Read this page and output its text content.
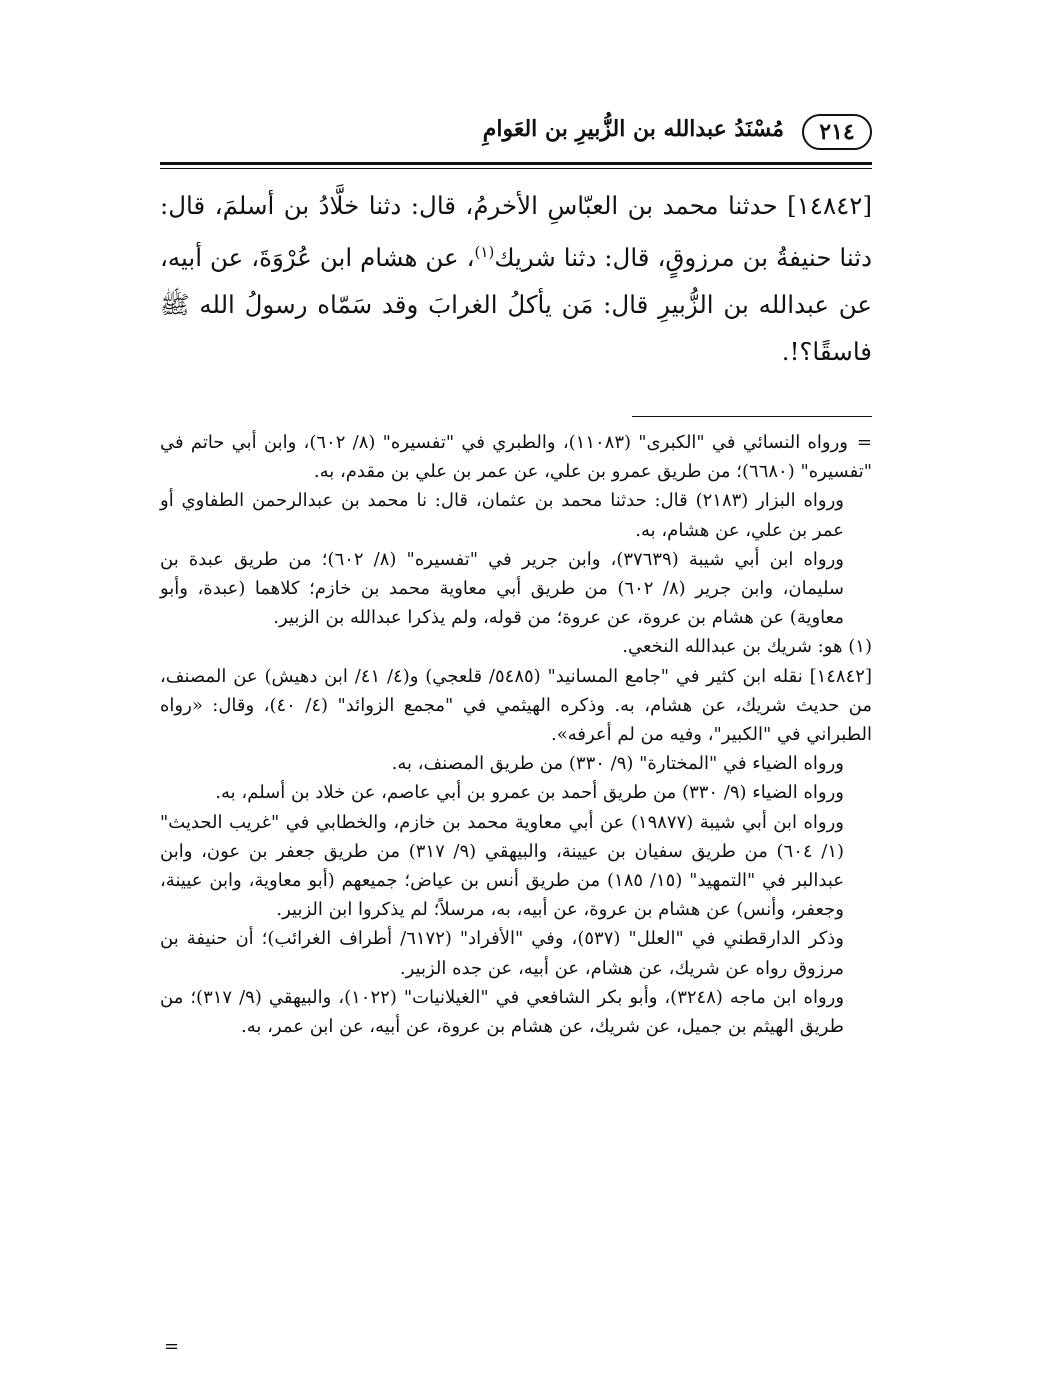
٢١٤
مُسْنَدُ عبدالله بن الزُّبيرِ بن العَوامِ

[١٤٨٤٢] حدثنا محمد بن العبّاسِ الأخرمُ، قال: دثنا خلَّادُ بن أسلمَ، قال: دثنا حنيفةُ بن مرزوقٍ، قال: دثنا شريك$^{(١)}$، عن هشام ابن عُرْوَةَ، عن أبيه، عن عبدالله بن الزُّبيرِ قال: مَن يأكلُ الغرابَ وقد سَمّاه رسولُ الله ﷺ فاسقًا؟!.

=ورواه النسائي في "الكبرى" (١١٠٨٣)، والطبري في "تفسيره" (٨/ ٦٠٢)، وابن أبي حاتم في "تفسيره" (٦٦٨٠)؛ من طريق عمرو بن علي، عن عمر بن علي بن مقدم، به.

ورواه البزار (٢١٨٣) قال: حدثنا محمد بن عثمان، قال: نا محمد بن عبدالرحمن الطفاوي أو عمر بن علي، عن هشام، به.

ورواه ابن أبي شيبة (٣٧٦٣٩)، وابن جرير في "تفسيره" (٨/ ٦٠٢)؛ من طريق عبدة بن سليمان، وابن جرير (٨/ ٦٠٢) من طريق أبي معاوية محمد بن خازم؛ كلاهما (عبدة، وأبو معاوية) عن هشام بن عروة، عن عروة؛ من قوله، ولم يذكرا عبدالله بن الزبير.

(١) هو: شريك بن عبدالله النخعي.

[١٤٨٤٢] نقله ابن كثير في "جامع المسانيد" (٥٤٨٥/ قلعجي) و(٤/ ٤١/ ابن دهيش) عن المصنف، من حديث شريك، عن هشام، به. وذكره الهيثمي في "مجمع الزوائد" (٤/ ٤٠)، وقال: «رواه الطبراني في "الكبير"، وفيه من لم أعرفه».

ورواه الضياء في "المختارة" (٩/ ٣٣٠) من طريق المصنف، به.

ورواه الضياء (٩/ ٣٣٠) من طريق أحمد بن عمرو بن أبي عاصم، عن خلاد بن أسلم، به.

ورواه ابن أبي شيبة (١٩٨٧٧) عن أبي معاوية محمد بن خازم، والخطابي في "غريب الحديث" (١/ ٦٠٤) من طريق سفيان بن عيينة، والبيهقي (٩/ ٣١٧) من طريق جعفر بن عون، وابن عبدالبر في "التمهيد" (١٥/ ١٨٥) من طريق أنس بن عياض؛ جميعهم (أبو معاوية، وابن عيينة، وجعفر، وأنس) عن هشام بن عروة، عن أبيه، به، مرسلاً؛ لم يذكروا ابن الزبير.

وذكر الدارقطني في "العلل" (٥٣٧)، وفي "الأفراد" (٦١٧٢/ أطراف الغرائب)؛ أن حنيفة بن مرزوق رواه عن شريك، عن هشام، عن أبيه، عن جده الزبير.

ورواه ابن ماجه (٣٢٤٨)، وأبو بكر الشافعي في "الغيلانيات" (١٠٢٢)، والبيهقي (٩/ ٣١٧)؛ من طريق الهيثم بن جميل، عن شريك، عن هشام بن عروة، عن أبيه، عن ابن عمر، به.

=
